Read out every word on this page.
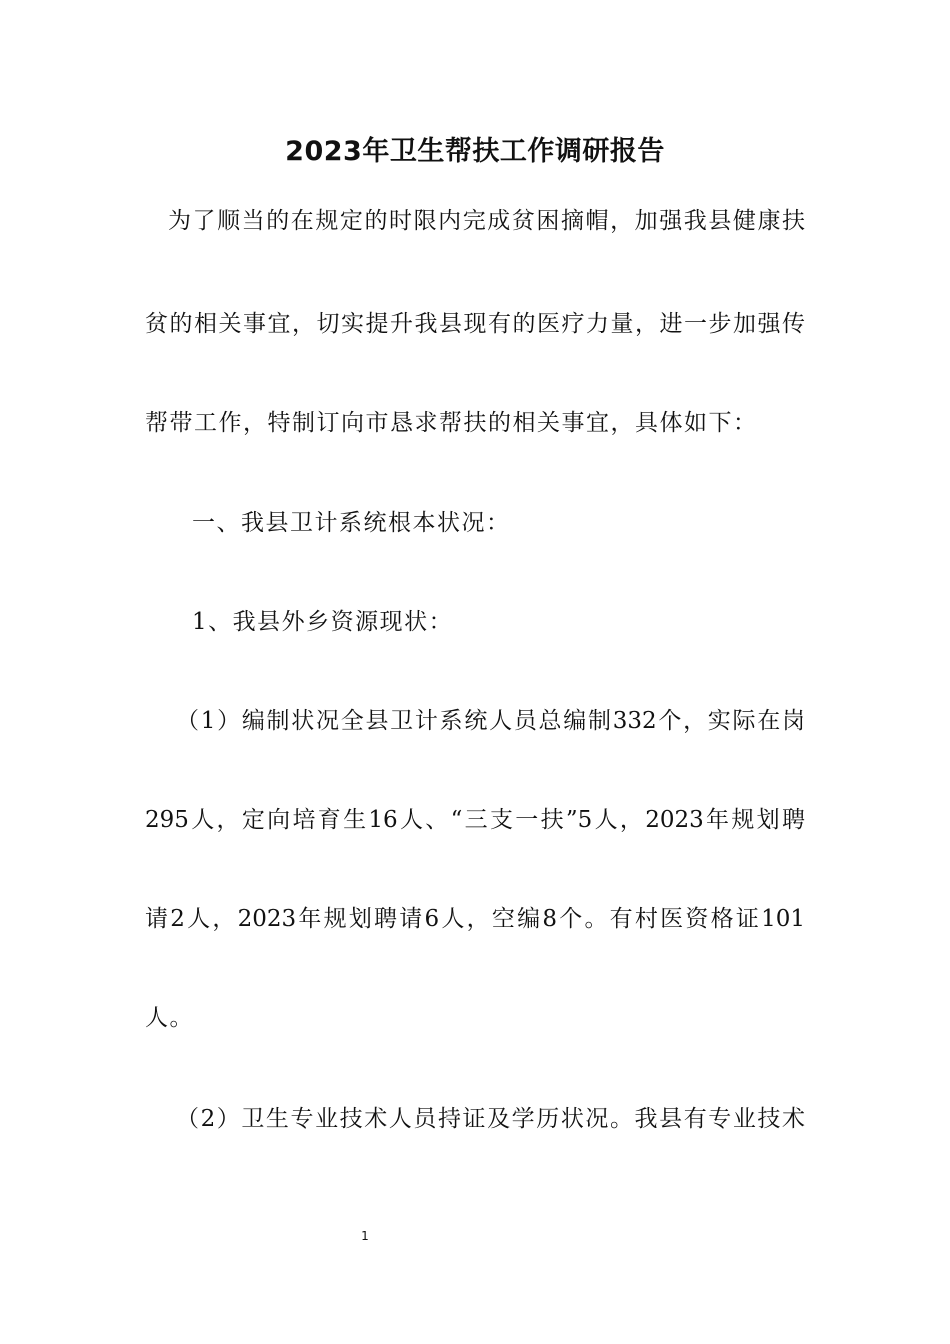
2023年卫生帮扶工作调研报告

为了顺当的在规定的时限内完成贫困摘帽，加强我县健康扶

贫的相关事宜，切实提升我县现有的医疗力量，进一步加强传

帮带工作，特制订向市恳求帮扶的相关事宜，具体如下：

一、我县卫计系统根本状况：

1、我县外乡资源现状：

（1）编制状况全县卫计系统人员总编制332个，实际在岗

295人，定向培育生16人、“三支一扶”5人，2023年规划聘

请2人，2023年规划聘请6人，空编8个。有村医资格证101

人。

（2）卫生专业技术人员持证及学历状况。我县有专业技术

1
